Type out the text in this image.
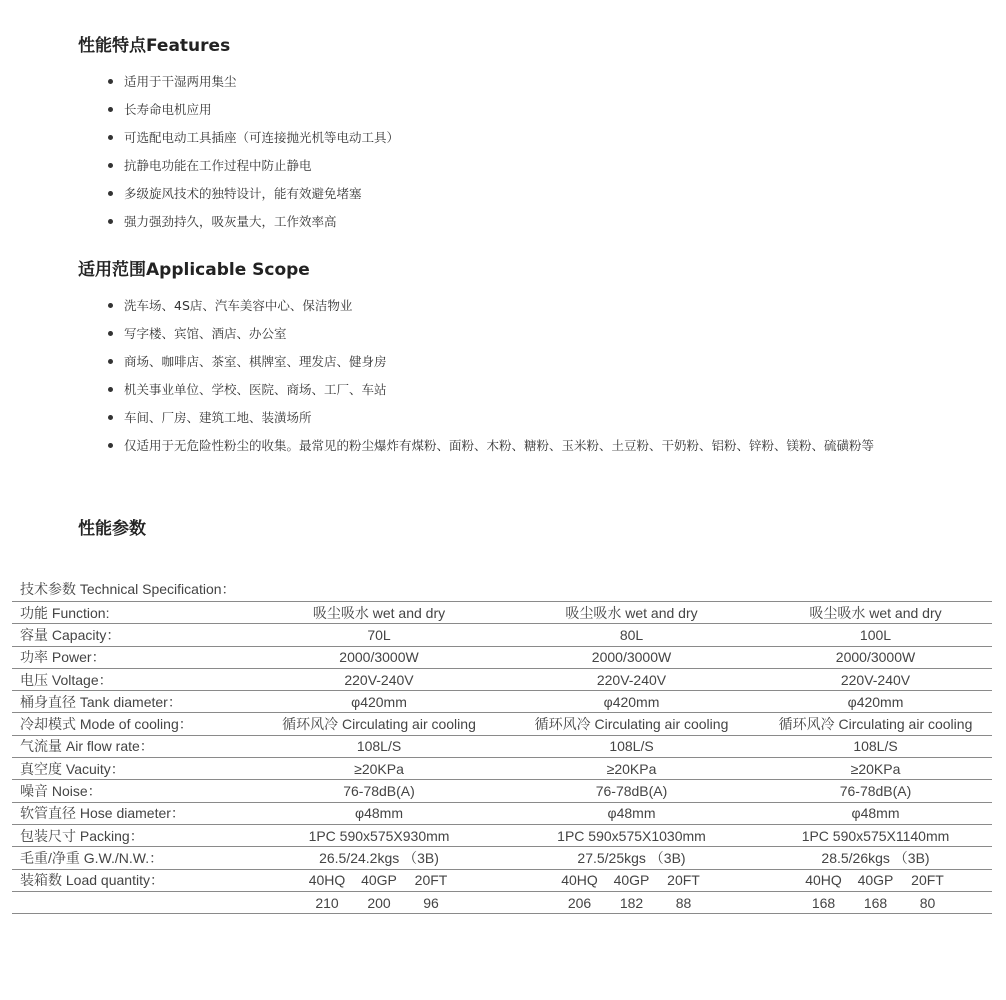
性能特点Features
适用于干湿两用集尘
长寿命电机应用
可选配电动工具插座（可连接抛光机等电动工具）
抗静电功能在工作过程中防止静电
多级旋风技术的独特设计，能有效避免堵塞
强力强劲持久，吸灰量大，工作效率高
适用范围Applicable Scope
洗车场、4S店、汽车美容中心、保洁物业
写字楼、宾馆、酒店、办公室
商场、咖啡店、茶室、棋牌室、理发店、健身房
机关事业单位、学校、医院、商场、工厂、车站
车间、厂房、建筑工地、装潢场所
仅适用于无危险性粉尘的收集。最常见的粉尘爆炸有煤粉、面粉、木粉、糖粉、玉米粉、土豆粉、干奶粉、铝粉、锌粉、镁粉、硫磺粉等
性能参数
技术参数 Technical Specification：
功能 Function:	吸尘吸水 wet and dry	吸尘吸水 wet and dry	吸尘吸水 wet and dry
容量 Capacity：	70L	80L	100L
功率 Power：	2000/3000W	2000/3000W	2000/3000W
电压 Voltage：	220V-240V	220V-240V	220V-240V
桶身直径 Tank diameter：	φ420mm	φ420mm	φ420mm
冷却模式 Mode of cooling：	循环风冷 Circulating air cooling	循环风冷 Circulating air cooling	循环风冷 Circulating air cooling
气流量 Air flow rate：	108L/S	108L/S	108L/S
真空度 Vacuity：	≥20KPa	≥20KPa	≥20KPa
噪音 Noise：	76-78dB(A)	76-78dB(A)	76-78dB(A)
软管直径 Hose diameter：	φ48mm	φ48mm	φ48mm
包装尺寸 Packing：	1PC 590x575X930mm	1PC 590x575X1030mm	1PC 590x575X1140mm
毛重/净重 G.W./N.W.：	26.5/24.2kgs （3B)	27.5/25kgs （3B)	28.5/26kgs （3B)
装箱数 Load quantity：	40HQ 40GP 20FT	40HQ 40GP 20FT	40HQ 40GP 20FT
	210 200 96	206 182 88	168 168 80
